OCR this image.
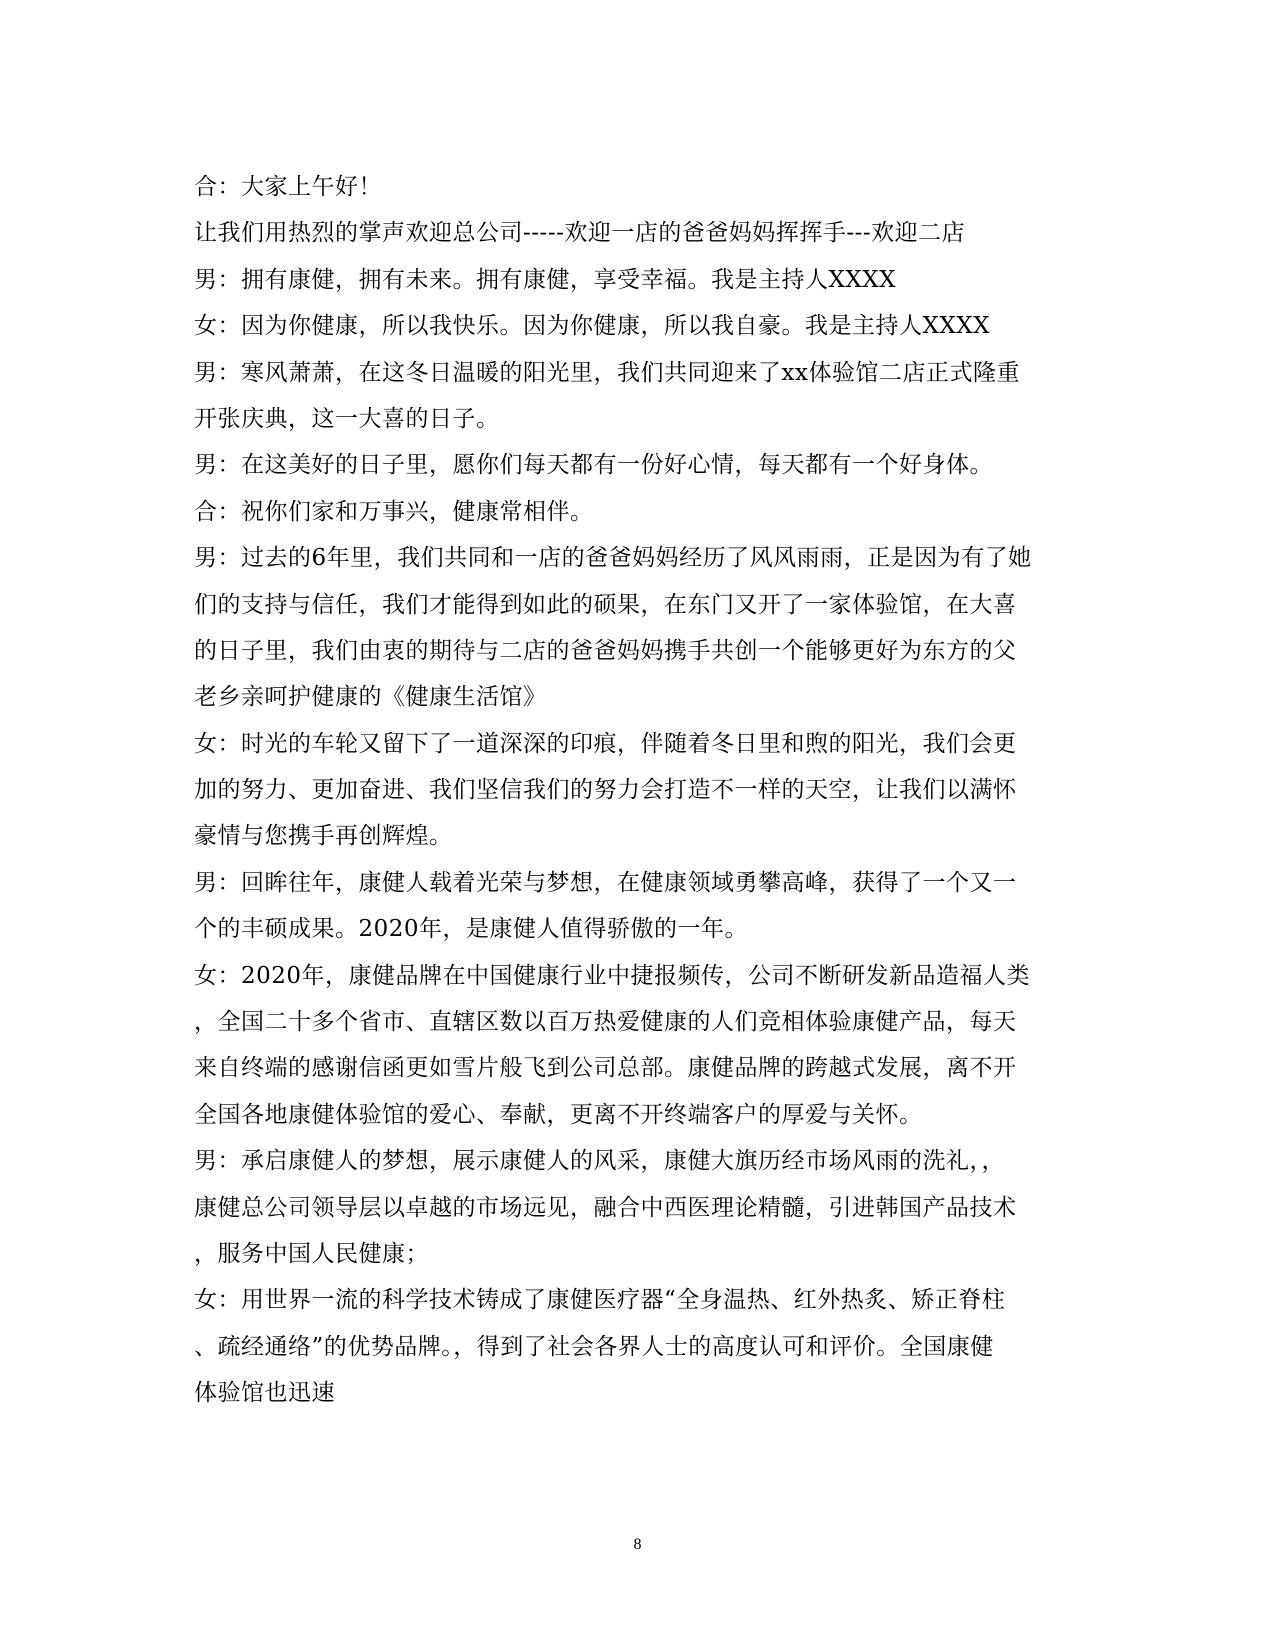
合：大家上午好！
让我们用热烈的掌声欢迎总公司-----欢迎一店的爸爸妈妈挥挥手---欢迎二店
男：拥有康健，拥有未来。拥有康健，享受幸福。我是主持人XXXX
女：因为你健康，所以我快乐。因为你健康，所以我自豪。我是主持人XXXX
男：寒风萧萧，在这冬日温暖的阳光里，我们共同迎来了xx体验馆二店正式隆重
开张庆典，这一大喜的日子。
男：在这美好的日子里，愿你们每天都有一份好心情，每天都有一个好身体。
合：祝你们家和万事兴，健康常相伴。
男：过去的6年里，我们共同和一店的爸爸妈妈经历了风风雨雨，正是因为有了她
们的支持与信任，我们才能得到如此的硕果，在东门又开了一家体验馆，在大喜
的日子里，我们由衷的期待与二店的爸爸妈妈携手共创一个能够更好为东方的父
老乡亲呵护健康的《健康生活馆》
女：时光的车轮又留下了一道深深的印痕，伴随着冬日里和煦的阳光，我们会更
加的努力、更加奋进、我们坚信我们的努力会打造不一样的天空，让我们以满怀
豪情与您携手再创辉煌。
男：回眸往年，康健人载着光荣与梦想，在健康领域勇攀高峰，获得了一个又一
个的丰硕成果。2020年，是康健人值得骄傲的一年。
女：2020年，康健品牌在中国健康行业中捷报频传，公司不断研发新品造福人类
，全国二十多个省市、直辖区数以百万热爱健康的人们竞相体验康健产品，每天
来自终端的感谢信函更如雪片般飞到公司总部。康健品牌的跨越式发展，离不开
全国各地康健体验馆的爱心、奉献，更离不开终端客户的厚爱与关怀。
男：承启康健人的梦想，展示康健人的风采，康健大旗历经市场风雨的洗礼，，
康健总公司领导层以卓越的市场远见，融合中西医理论精髓，引进韩国产品技术
，服务中国人民健康；
女：用世界一流的科学技术铸成了康健医疗器“全身温热、红外热炙、矫正脊柱
、疏经通络”的优势品牌。，得到了社会各界人士的高度认可和评价。全国康健
体验馆也迅速
8
